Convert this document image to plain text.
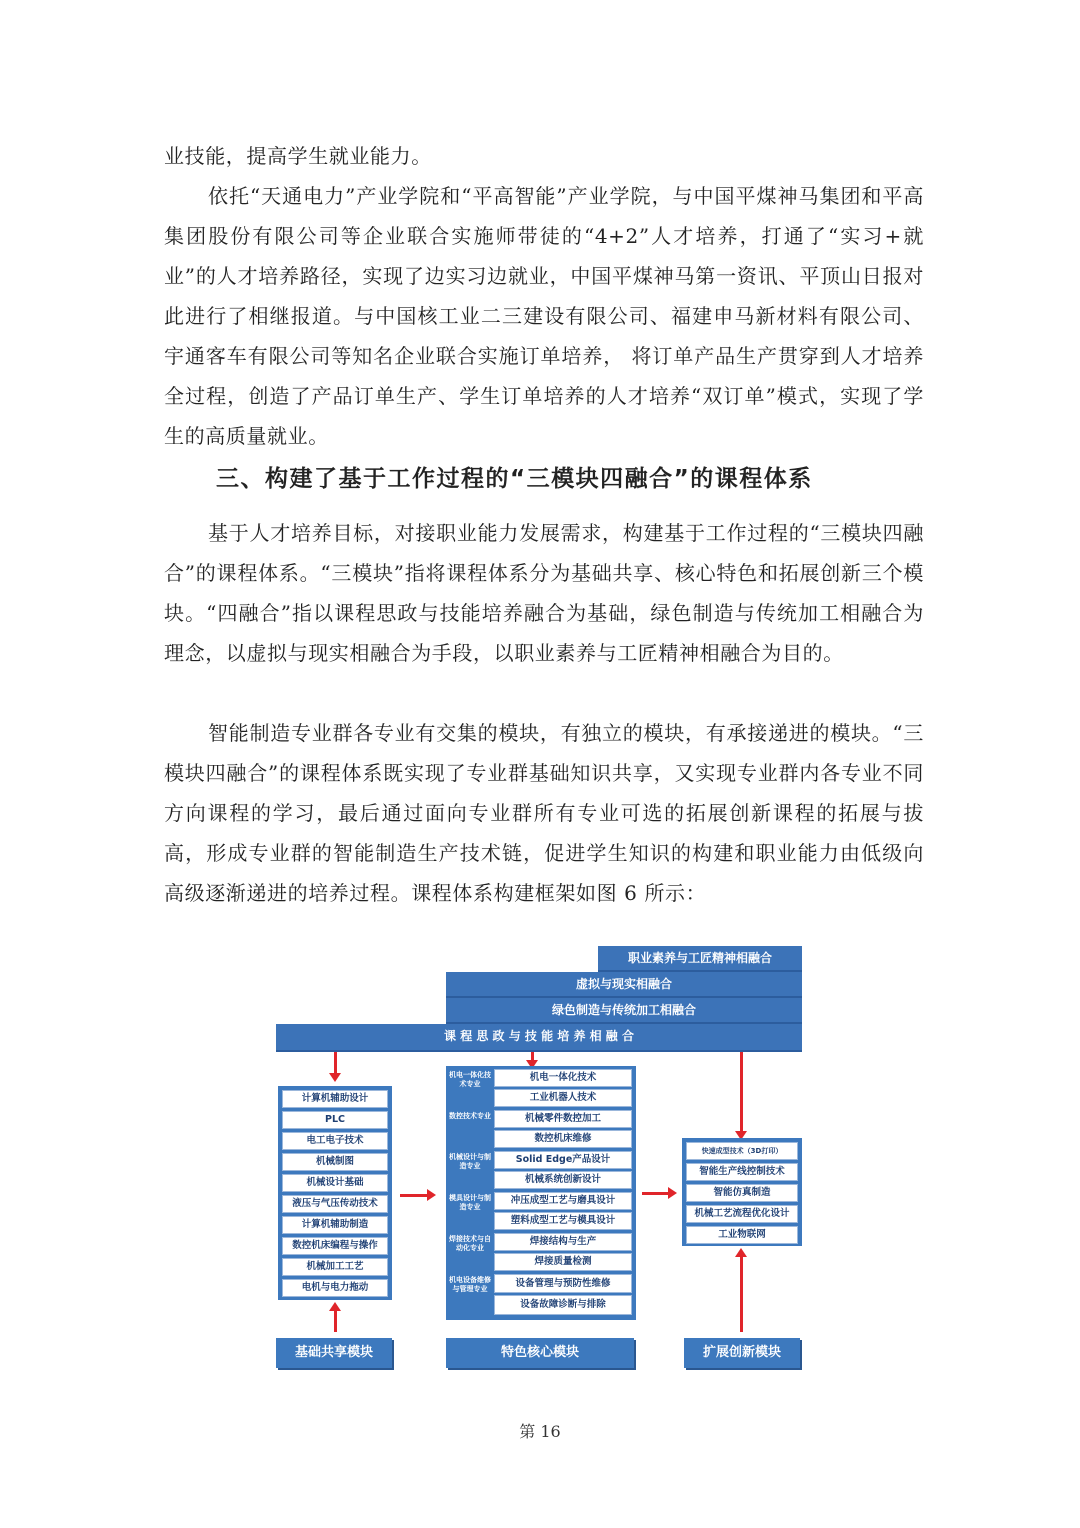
业技能，提高学生就业能力。

依托“天通电力”产业学院和“平高智能”产业学院，与中国平煤神马集团和平高集团股份有限公司等企业联合实施师带徒的“4+2”人才培养，打通了“实习+就业”的人才培养路径，实现了边实习边就业，中国平煤神马第一资讯、平顶山日报对此进行了相继报道。与中国核工业二三建设有限公司、福建申马新材料有限公司、宇通客车有限公司等知名企业联合实施订单培养， 将订单产品生产贯穿到人才培养全过程，创造了产品订单生产、学生订单培养的人才培养“双订单”模式，实现了学生的高质量就业。

三、构建了基于工作过程的“三模块四融合”的课程体系

基于人才培养目标，对接职业能力发展需求，构建基于工作过程的“三模块四融合”的课程体系。“三模块”指将课程体系分为基础共享、核心特色和拓展创新三个模块。“四融合”指以课程思政与技能培养融合为基础，绿色制造与传统加工相融合为理念，以虚拟与现实相融合为手段，以职业素养与工匠精神相融合为目的。

智能制造专业群各专业有交集的模块，有独立的模块，有承接递进的模块。“三模块四融合”的课程体系既实现了专业群基础知识共享，又实现专业群内各专业不同方向课程的学习，最后通过面向专业群所有专业可选的拓展创新课程的拓展与拔高，形成专业群的智能制造生产技术链，促进学生知识的构建和职业能力由低级向高级逐渐递进的培养过程。课程体系构建框架如图 6 所示：

职业素养与工匠精神相融合
虚拟与现实相融合
绿色制造与传统加工相融合
课 程 思 政 与 技 能 培 养 相 融 合
计算机辅助设计
PLC
电工电子技术
机械制图
机械设计基础
液压与气压传动技术
计算机辅助制造
数控机床编程与操作
机械加工工艺
电机与电力拖动
机电一体化技术专业
机电一体化技术
工业机器人技术
数控技术专业	机械零件数控加工
数控机床维修
机械设计与制造专业
Solid Edge产品设计
机械系统创新设计
模具设计与制造专业
冲压成型工艺与磨具设计
塑料成型工艺与模具设计
焊接技术与自动化专业
焊接结构与生产
焊接质量检测
机电设备维修与管理专业	设备管理与预防性维修
设备故障诊断与排除
快速成型技术（3D打印）
智能生产线控制技术
智能仿真制造
机械工艺流程优化设计
工业物联网
基础共享模块	特色核心模块	扩展创新模块
第 16
